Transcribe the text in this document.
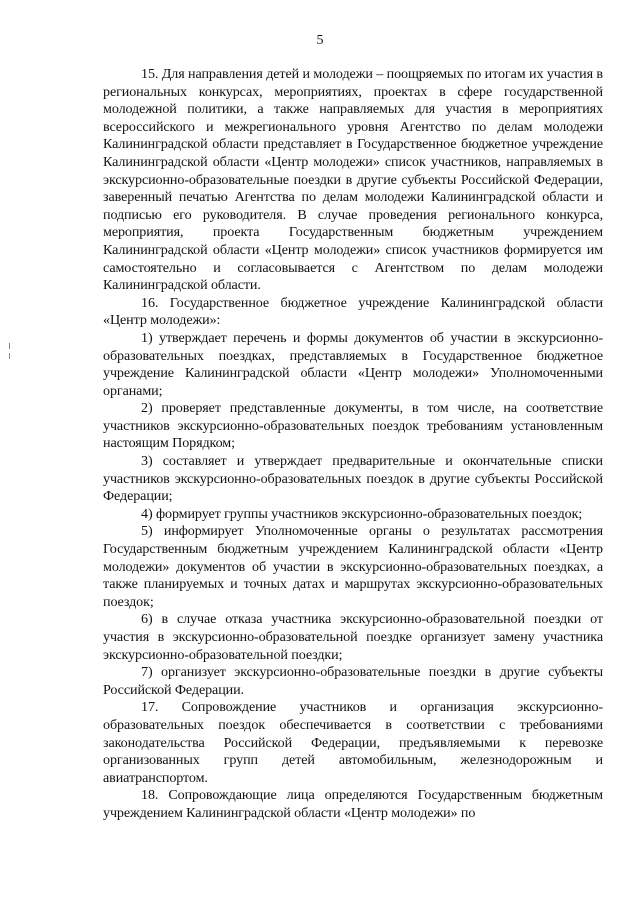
5

15. Для направления детей и молодежи – поощряемых по итогам их участия в региональных конкурсах, мероприятиях, проектах в сфере государственной молодежной политики, а также направляемых для участия в мероприятиях всероссийского и межрегионального уровня Агентство по делам молодежи Калининградской области представляет в Государственное бюджетное учреждение Калининградской области «Центр молодежи» список участников, направляемых в экскурсионно-образовательные поездки в другие субъекты Российской Федерации, заверенный печатью Агентства по делам молодежи Калининградской области и подписью его руководителя. В случае проведения регионального конкурса, мероприятия, проекта Государственным бюджетным учреждением Калининградской области «Центр молодежи» список участников формируется им самостоятельно и согласовывается с Агентством по делам молодежи Калининградской области.

16. Государственное бюджетное учреждение Калининградской области «Центр молодежи»:

1) утверждает перечень и формы документов об участии в экскурсионно-образовательных поездках, представляемых в Государственное бюджетное учреждение Калининградской области «Центр молодежи» Уполномоченными органами;

2) проверяет представленные документы, в том числе, на соответствие участников экскурсионно-образовательных поездок требованиям установленным настоящим Порядком;

3) составляет и утверждает предварительные и окончательные списки участников экскурсионно-образовательных поездок в другие субъекты Российской Федерации;

4) формирует группы участников экскурсионно-образовательных поездок;

5) информирует Уполномоченные органы о результатах рассмотрения Государственным бюджетным учреждением Калининградской области «Центр молодежи» документов об участии в экскурсионно-образовательных поездках, а также планируемых и точных датах и маршрутах экскурсионно-образовательных поездок;

6) в случае отказа участника экскурсионно-образовательной поездки от участия в экскурсионно-образовательной поездке организует замену участника экскурсионно-образовательной поездки;

7) организует экскурсионно-образовательные поездки в другие субъекты Российской Федерации.

17. Сопровождение участников и организация экскурсионно-образовательных поездок обеспечивается в соответствии с требованиями законодательства Российской Федерации, предъявляемыми к перевозке организованных групп детей автомобильным, железнодорожным и авиатранспортом.

18. Сопровождающие лица определяются Государственным бюджетным учреждением Калининградской области «Центр молодежи» по
